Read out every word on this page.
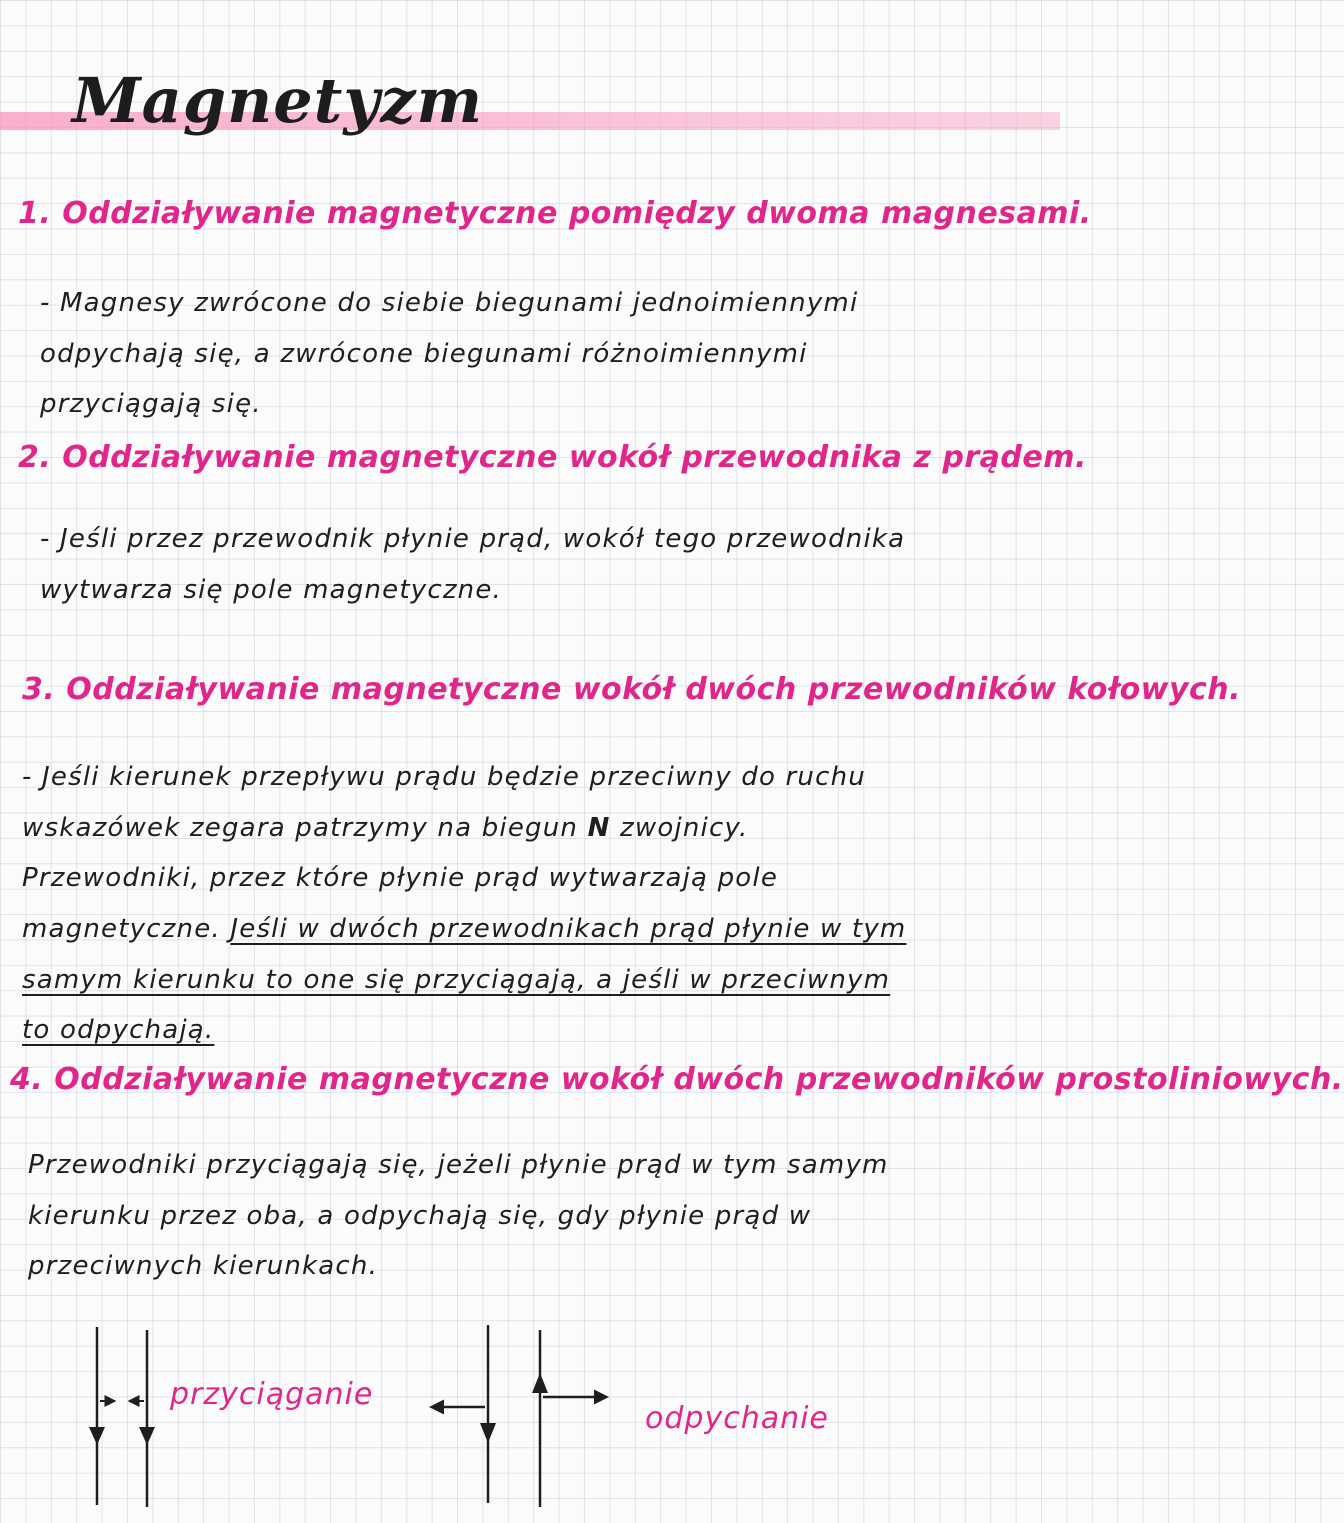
Magnetyzm
1. Oddziaływanie magnetyczne pomiędzy dwoma magnesami.

- Magnesy zwrócone do siebie biegunami jednoimiennymi odpychają się, a zwrócone biegunami różnoimiennymi przyciągają się.

2. Oddziaływanie magnetyczne wokół przewodnika z prądem.

- Jeśli przez przewodnik płynie prąd, wokół tego przewodnika wytwarza się pole magnetyczne.

3. Oddziaływanie magnetyczne wokół dwóch przewodników kołowych.

- Jeśli kierunek przepływu prądu będzie przeciwny do ruchu wskazówek zegara patrzymy na biegun N zwojnicy. Przewodniki, przez które płynie prąd wytwarzają pole magnetyczne. Jeśli w dwóch przewodnikach prąd płynie w tym samym kierunku to one się przyciągają, a jeśli w przeciwnym to odpychają.

4. Oddziaływanie magnetyczne wokół dwóch przewodników prostoliniowych.

Przewodniki przyciągają się, jeżeli płynie prąd w tym samym kierunku przez oba, a odpychają się, gdy płynie prąd w przeciwnych kierunkach.

przyciąganie

odpychanie
